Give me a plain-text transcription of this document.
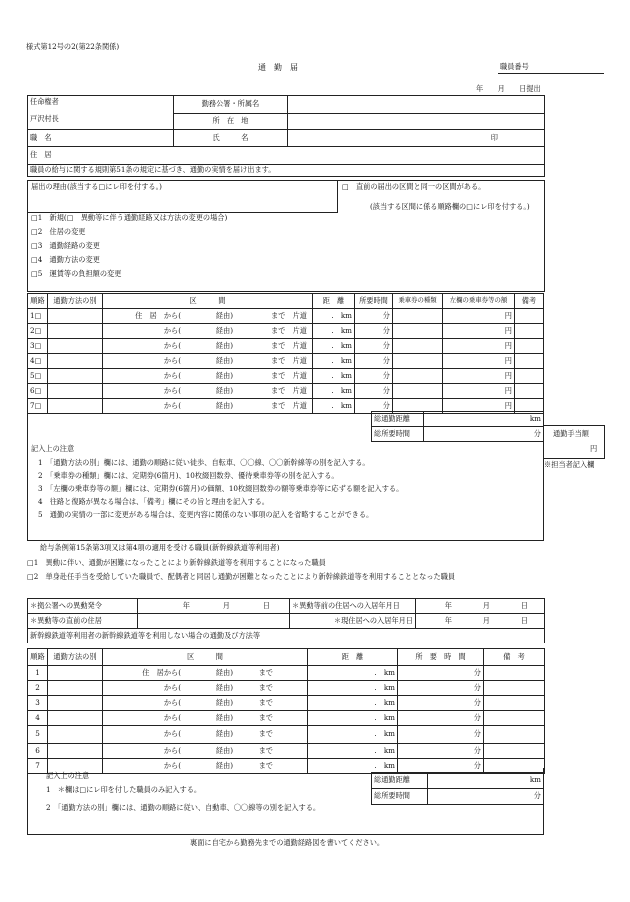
様式第12号の2(第22条関係)
通　勤　届	職員番号
年　　月　　日提出
任命権者
戸沢村長	勤務公署・所属名	
	所　在　地	
職　名	氏　　　名	印
住　居		
職員の給与に関する規則第51条の規定に基づき、通勤の実情を届け出ます。		
届出の理由(該当する□にレ印を付する。)	□　直前の届出の区間と同一の区間がある。
(該当する区間に係る順路欄の□にレ印を付する。)
□1　新規(□　異動等に伴う通勤経路又は方法の変更の場合)
□2　住居の変更
□3　通勤経路の変更
□4　通勤方法の変更
□5　運賃等の負担額の変更
順路	通勤方法の別	区　　　間	距　離	所要時間	乗車券の種類	左欄の乗車券等の額	備考
1□		住　居　から( 経由) まで　片道	.　km	分		円	
2□		から( 経由) まで　片道	.　km	分		円	
3□		から( 経由) まで　片道	.　km	分		円	
4□		から( 経由) まで　片道	.　km	分		円	
5□		から( 経由) まで　片道	.　km	分		円	
6□		から( 経由) まで　片道	.　km	分		円	
7□		から( 経由) まで　片道	.　km	分		円	
総通勤距離	km
総所要時間	分 通勤手当額
円
※担当者記入欄
記入上の注意
1　「通勤方法の別」欄には、通勤の順路に従い徒歩、自転車、〇〇線、〇〇新幹線等の別を記入する。
2　「乗車券の種類」欄には、定期券(6箇月)、10枚綴回数券、優待乗車券等の別を記入する。
3　「左欄の乗車券等の額」欄には、定期券(6箇月)の価額、10枚綴回数券の額等乗車券等に応ずる額を記入する。
4　往路と復路が異なる場合は、「備考」欄にその旨と理由を記入する。
5　通勤の実情の一部に変更がある場合は、変更内容に関係のない事項の記入を省略することができる。
給与条例第15条第3項又は第4項の適用を受ける職員(新幹線鉄道等利用者)
□1　異動に伴い、通勤が困難になったことにより新幹線鉄道等を利用することになった職員
□2　単身赴任手当を受給していた職員で、配偶者と同居し通勤が困難となったことにより新幹線鉄道等を利用することとなった職員
＊拠公署への異動発令	年 月 日	＊異動等前の住居への入居年月日	年 月 日
＊異動等の直前の住居		＊現住居への入居年月日	年 月 日
新幹線鉄道等利用者の新幹線鉄道等を利用しない場合の通勤及び方法等			
順路	通勤方法の別	区　　　間	距　離	所　要　時　間	備　考
1		住　居から( 経由) まで	.　km	分	
2		から( 経由) まで	.　km	分	
3		から( 経由) まで	.　km	分	
4		から( 経由) まで	.　km	分	
5		から( 経由) まで	.　km	分	
6		から( 経由) まで	.　km	分	
7		から( 経由) まで	.　km	分	
記入上の注意
1　＊欄は□にレ印を付した職員のみ記入する。
2　「通勤方法の別」欄には、通勤の順路に従い、自動車、〇〇線等の別を記入する。
総通勤距離	km
総所要時間	分
裏面に自宅から勤務先までの通勤経路図を書いてください。
